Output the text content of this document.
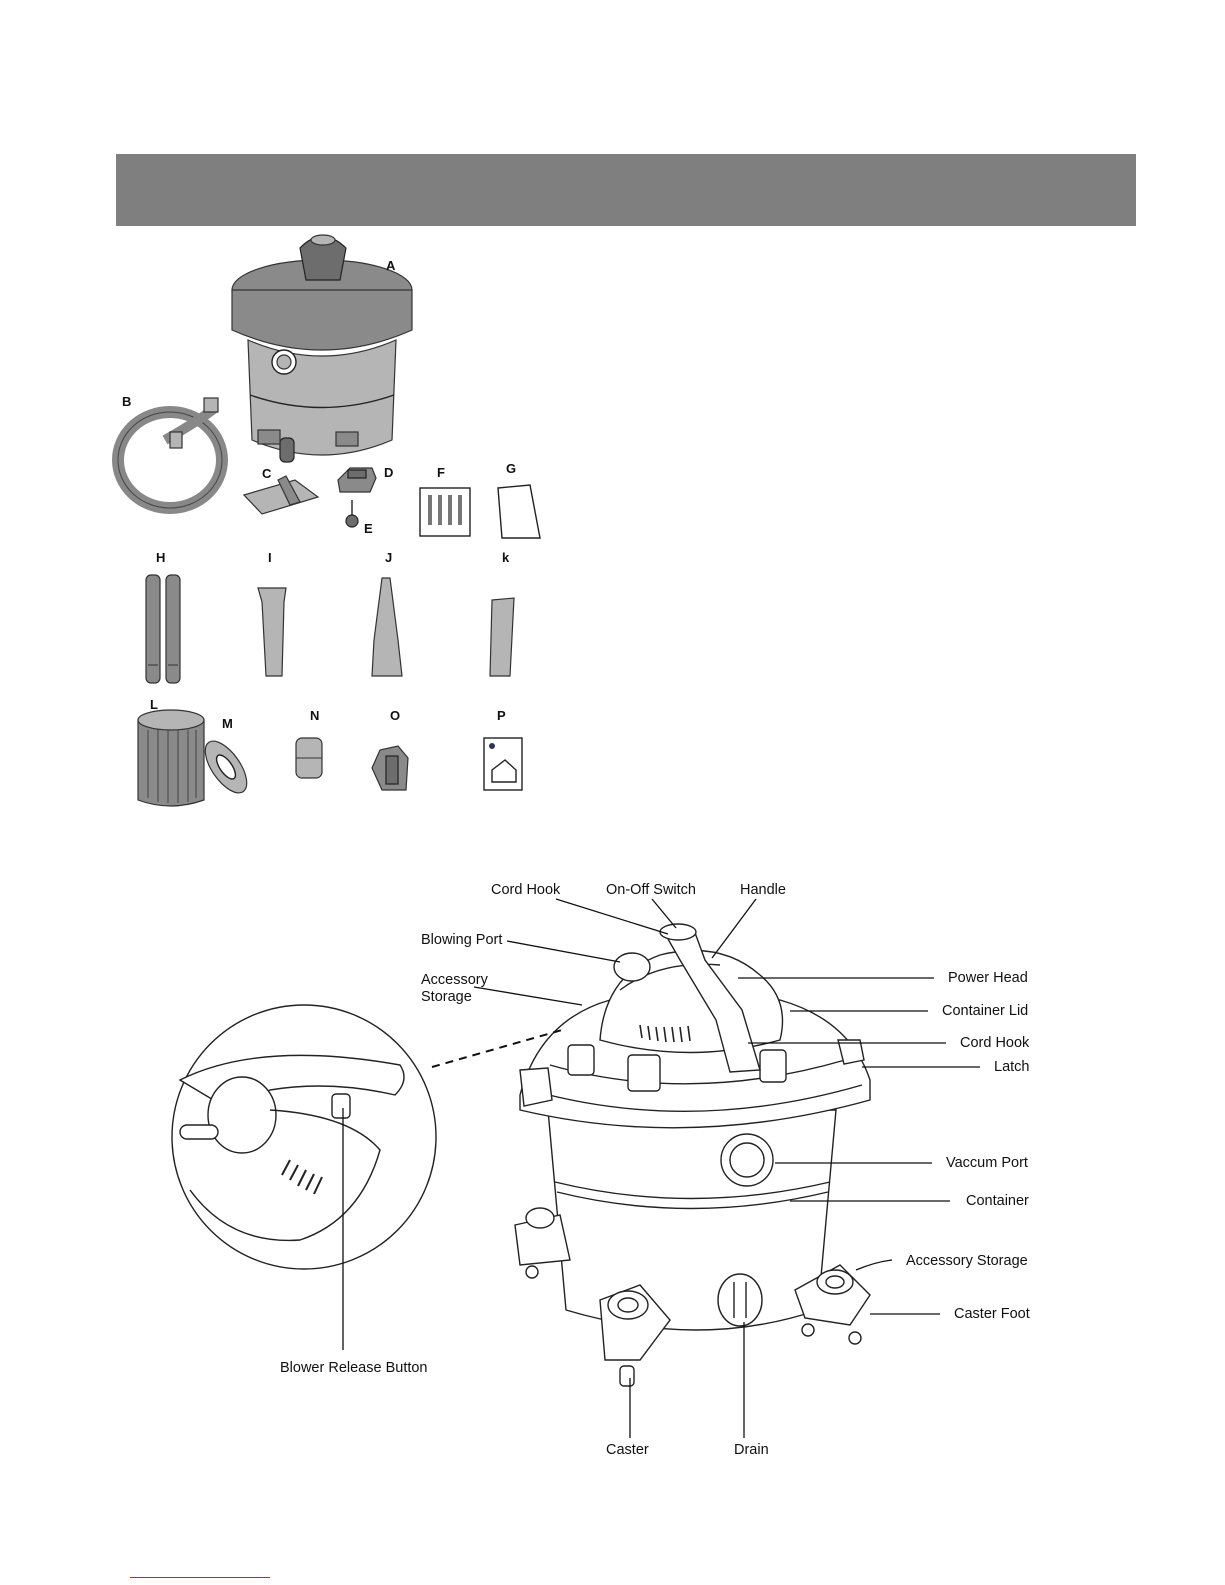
A
B
C	D
E
F	G
H	I	J	k
L
M
N	O	P
Cord Hook	On-Off Switch	Handle
Blowing Port
Accessory
Storage
Power Head
Container Lid
Cord Hook
Latch
Vaccum Port
Container
Accessory Storage
Caster Foot
Blower Release Button
Caster	Drain
